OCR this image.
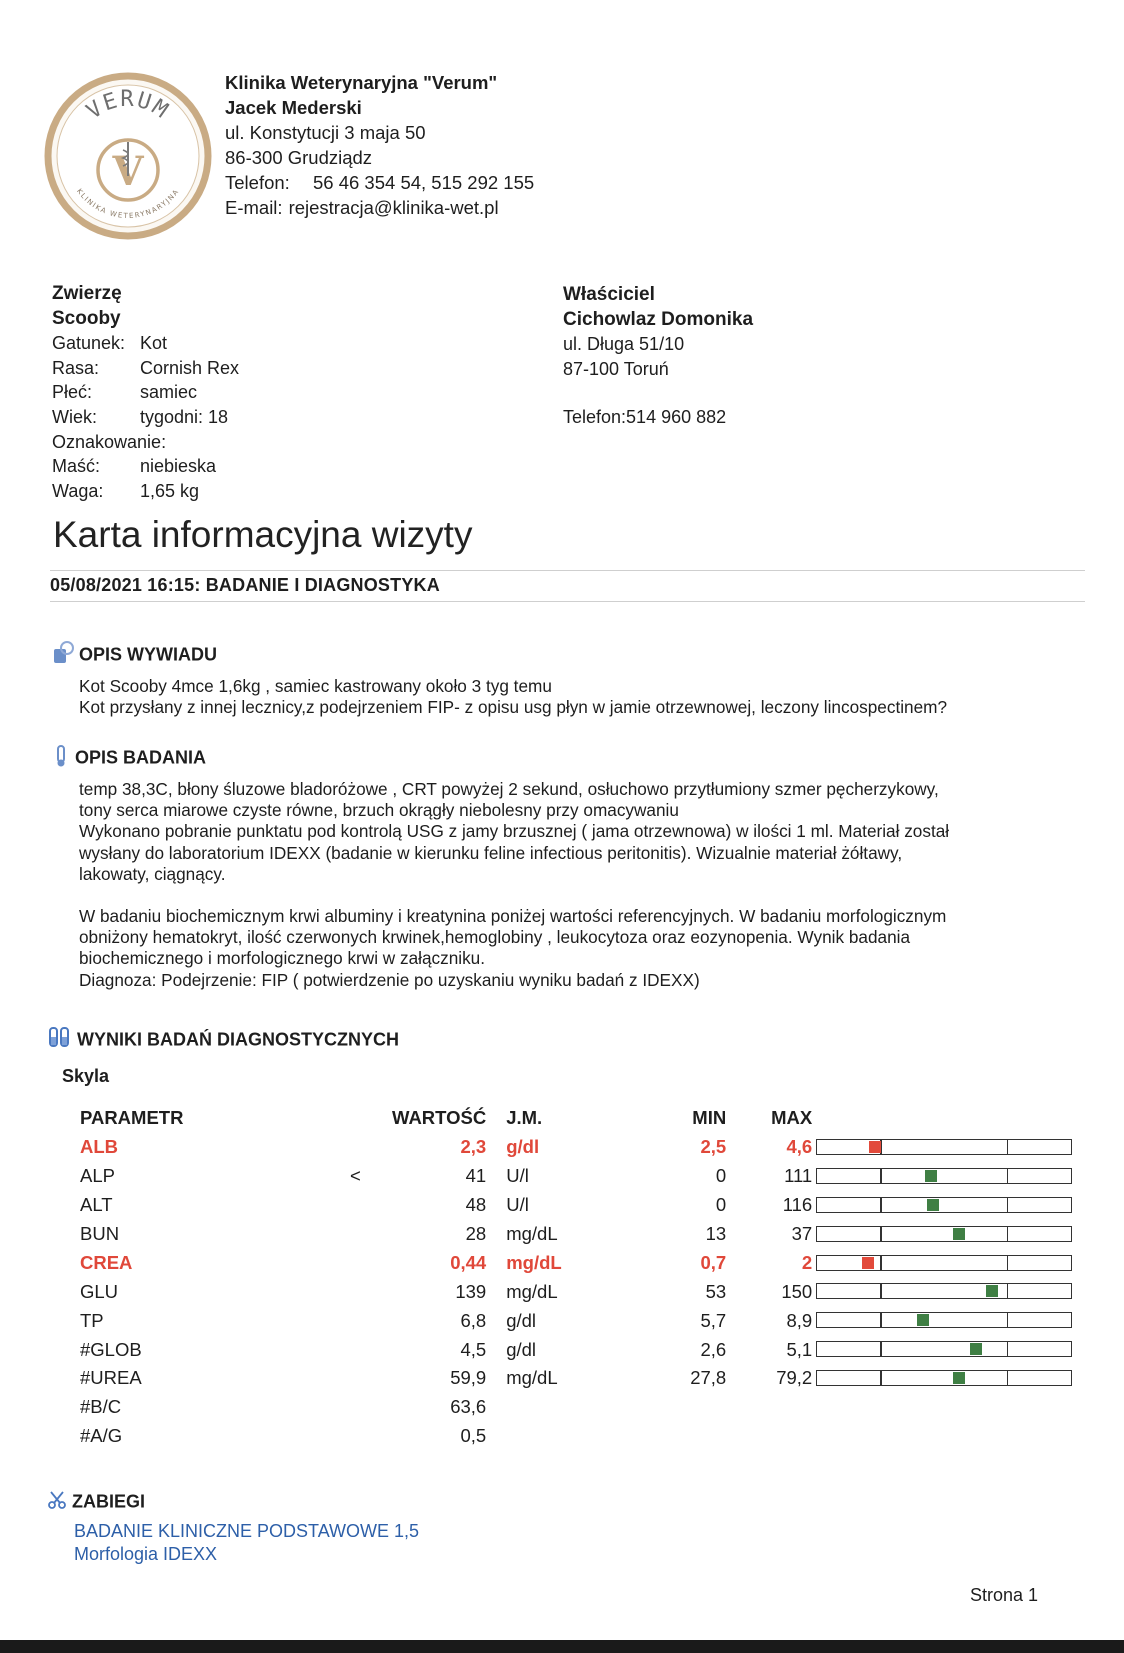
VERUM
KLINIKA WETERYNARYJNA
V
Klinika Weterynaryjna "Verum"
Jacek Mederski
ul. Konstytucji 3 maja 50
86-300 Grudziądz
Telefon: 56 46 354 54, 515 292 155
E-mail: rejestracja@klinika-wet.pl
Zwierzę
Scooby
Gatunek: Kot
Rasa: Cornish Rex
Płeć:	samiec
Wiek: tygodni: 18
Oznakowanie:
Maść: niebieska
Waga: 1,65 kg
Właściciel
Cichowlaz Domonika
ul. Długa 51/10
87-100 Toruń
Telefon:514 960 882
Karta informacyjna wizyty
05/08/2021 16:15: BADANIE I DIAGNOSTYKA
OPIS WYWIADU
Kot Scooby 4mce 1,6kg , samiec kastrowany około 3 tyg temu
Kot przysłany z innej lecznicy,z podejrzeniem FIP- z opisu usg płyn w jamie otrzewnowej, leczony lincospectinem?
OPIS BADANIA
temp 38,3C, błony śluzowe bladoróżowe , CRT powyżej 2 sekund, osłuchowo przytłumiony szmer pęcherzykowy,
tony serca miarowe czyste równe, brzuch okrągły niebolesny przy omacywaniu
Wykonano pobranie punktatu pod kontrolą USG z jamy brzusznej ( jama otrzewnowa) w ilości 1 ml. Materiał został
wysłany do laboratorium IDEXX (badanie w kierunku feline infectious peritonitis). Wizualnie materiał żółtawy,
lakowaty, ciągnący.
W badaniu biochemicznym krwi albuminy i kreatynina poniżej wartości referencyjnych. W badaniu morfologicznym
obniżony hematokryt, ilość czerwonych krwinek,hemoglobiny , leukocytoza oraz eozynopenia. Wynik badania
biochemicznego i morfologicznego krwi w załączniku.
Diagnoza: Podejrzenie: FIP ( potwierdzenie po uzyskaniu wyniku badań z IDEXX)
WYNIKI BADAŃ DIAGNOSTYCZNYCH
Skyla
PARAMETR		WARTOŚĆ	J.M.	MIN	MAX
ALB		2,3	g/dl	2,5	4,6
ALP	<	41	U/l	0	111
ALT		48	U/l	0	116
BUN		28	mg/dL	13	37
CREA		0,44	mg/dL	0,7	2
GLU		139	mg/dL	53	150
TP		6,8	g/dl	5,7	8,9
#GLOB		4,5	g/dl	2,6	5,1
#UREA		59,9	mg/dL	27,8	79,2
#B/C		63,6			
#A/G		0,5			
ZABIEGI
BADANIE KLINICZNE PODSTAWOWE 1,5
Morfologia IDEXX
Strona 1
